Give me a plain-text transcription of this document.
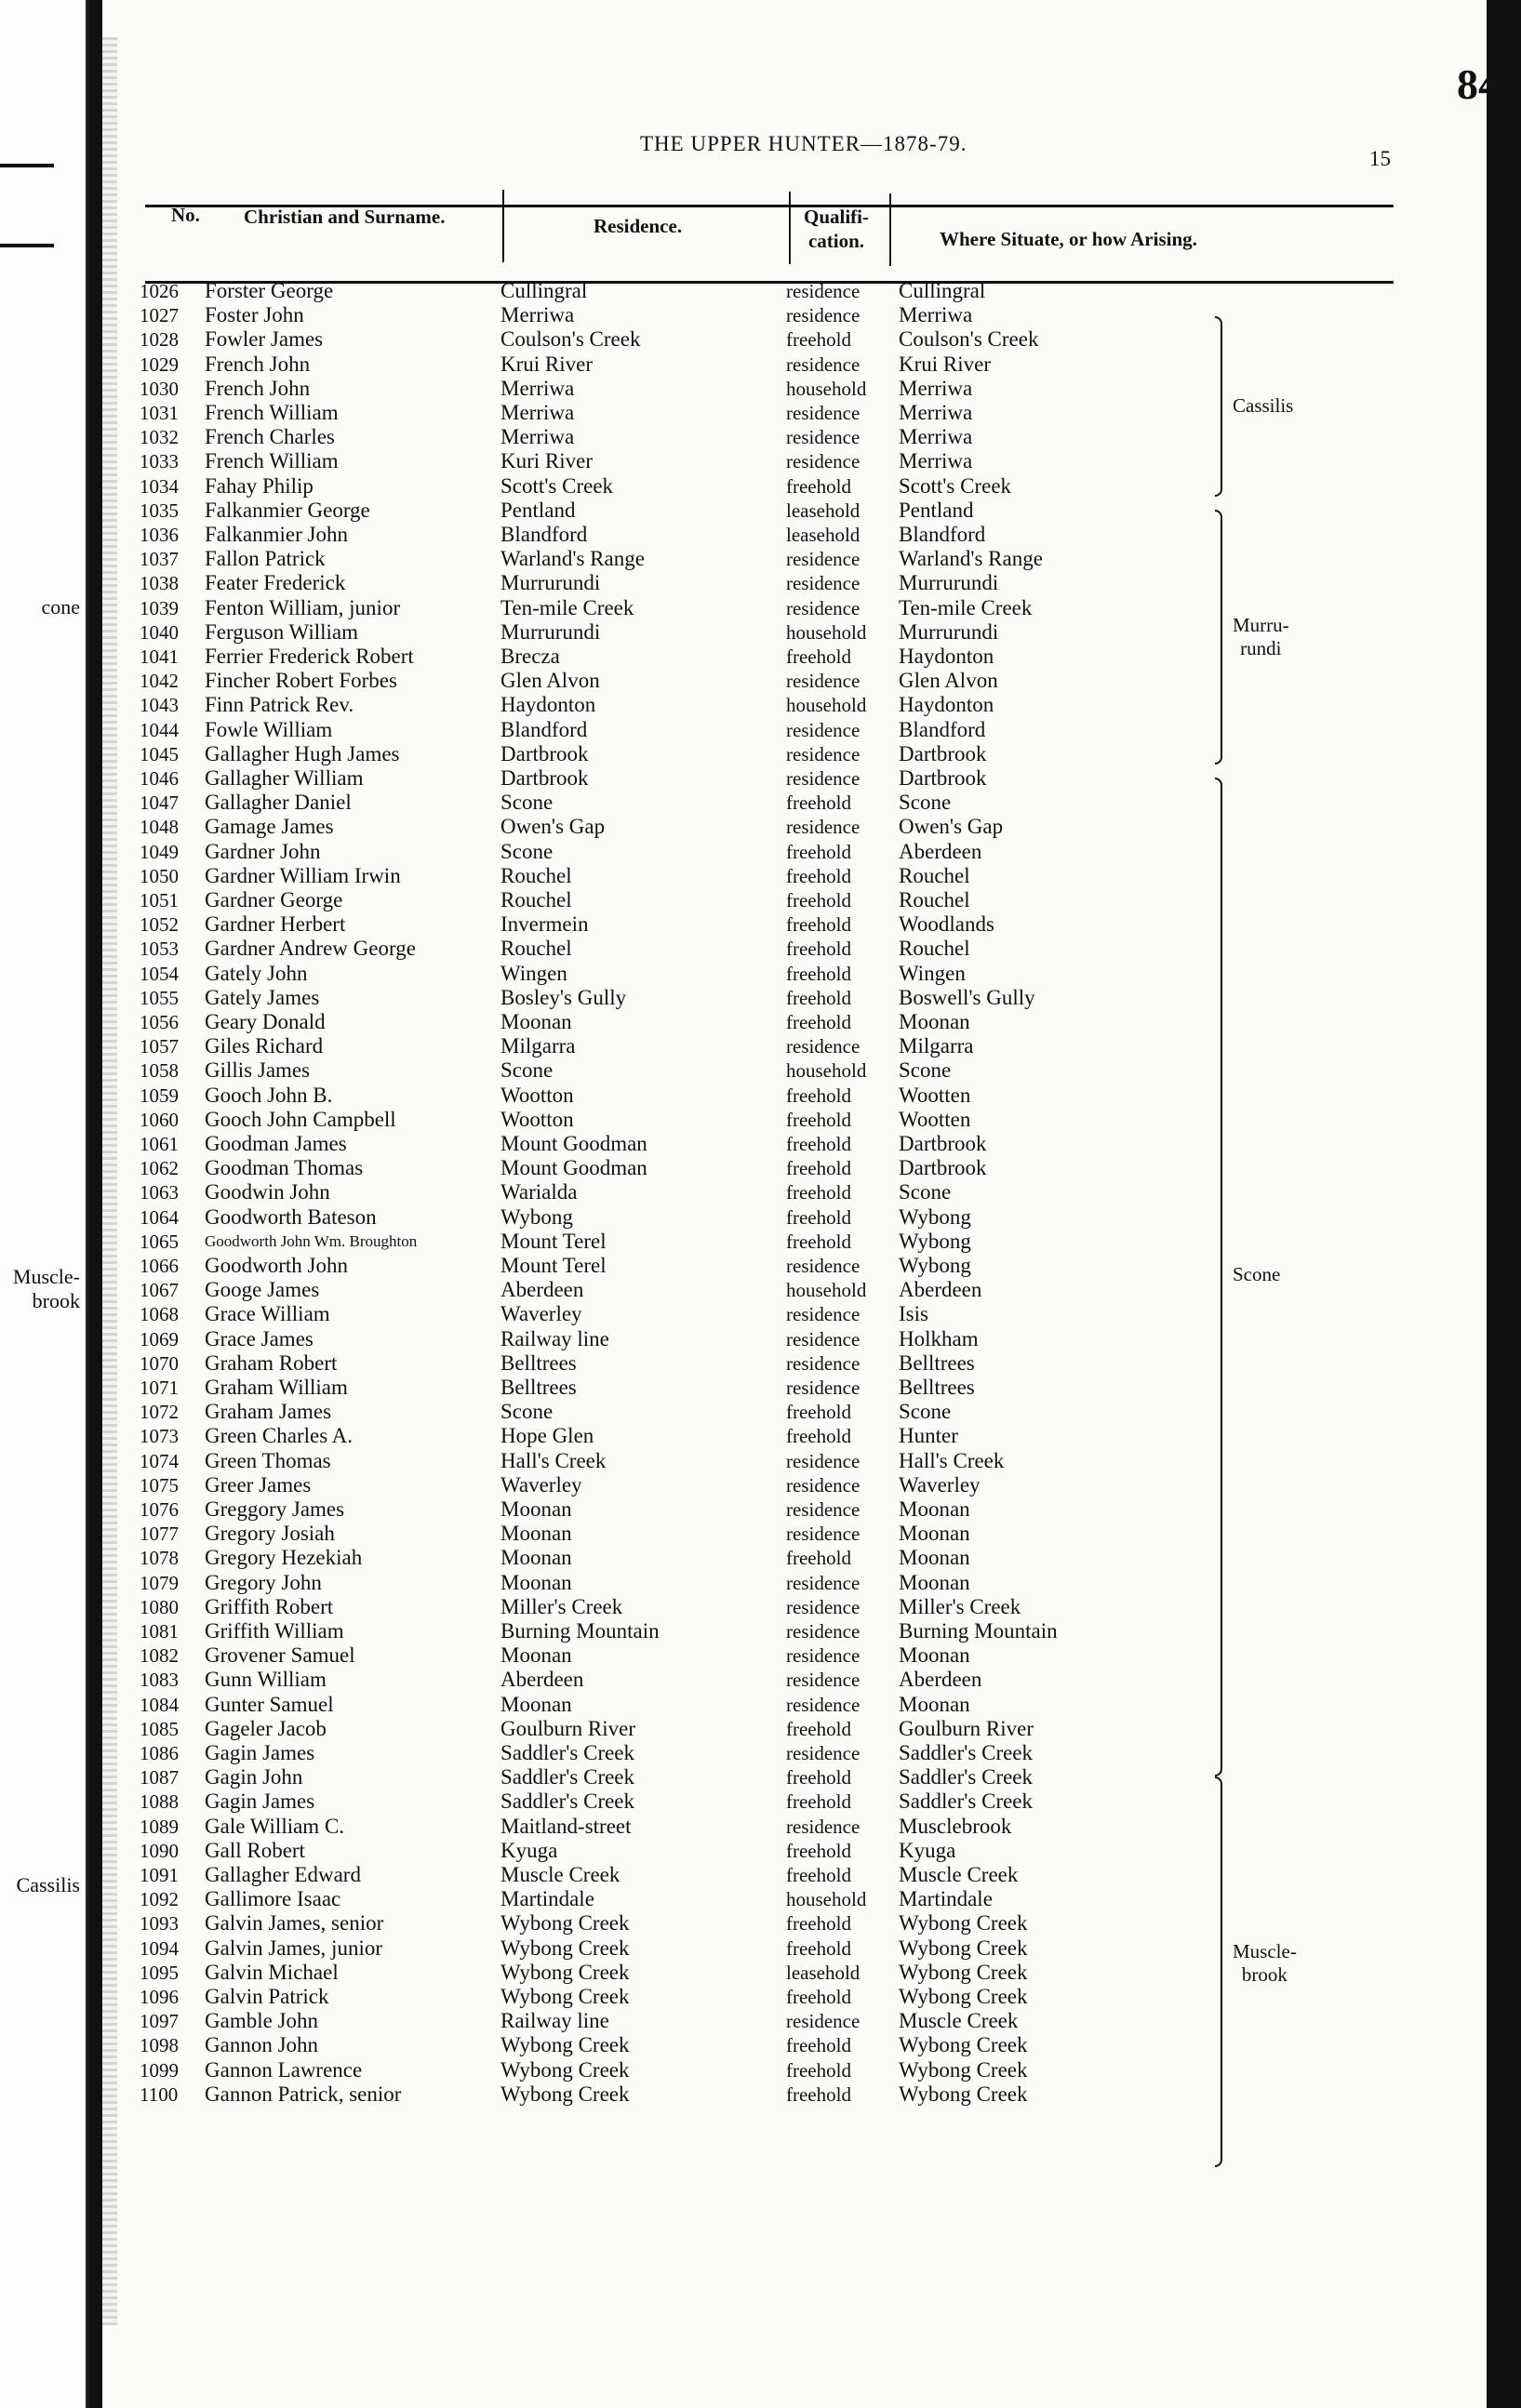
cone
Muscle-
brook
Cassilis
847
THE UPPER HUNTER—1878-79.
15
No. Christian and Surname.	Residence.	Qualifi-
cation.	Where Situate, or how Arising.
1026 Forster George	Cullingral	residence Cullingral
1027 Foster John	Merriwa	residence Merriwa
1028 Fowler James	Coulson's Creek	freehold Coulson's Creek
1029 French John	Krui River	residence Krui River
1030 French John	Merriwa	household Merriwa
1031 French William	Merriwa	residence Merriwa
1032 French Charles	Merriwa	residence Merriwa
1033 French William	Kuri River	residence Merriwa
1034 Fahay Philip	Scott's Creek	freehold Scott's Creek
1035 Falkanmier George	Pentland	leasehold Pentland
1036 Falkanmier John	Blandford	leasehold Blandford
1037 Fallon Patrick	Warland's Range	residence Warland's Range
1038 Feater Frederick	Murrurundi	residence Murrurundi
1039 Fenton William, junior	Ten-mile Creek	residence Ten-mile Creek
1040 Ferguson William	Murrurundi	household Murrurundi
1041 Ferrier Frederick Robert	Brecza	freehold Haydonton
1042 Fincher Robert Forbes	Glen Alvon	residence Glen Alvon
1043 Finn Patrick Rev.	Haydonton	household Haydonton
1044 Fowle William	Blandford	residence Blandford
1045 Gallagher Hugh James	Dartbrook	residence Dartbrook
1046 Gallagher William	Dartbrook	residence Dartbrook
1047 Gallagher Daniel	Scone	freehold Scone
1048 Gamage James	Owen's Gap	residence Owen's Gap
1049 Gardner John	Scone	freehold Aberdeen
1050 Gardner William Irwin	Rouchel	freehold Rouchel
1051 Gardner George	Rouchel	freehold Rouchel
1052 Gardner Herbert	Invermein	freehold Woodlands
1053 Gardner Andrew George	Rouchel	freehold Rouchel
1054 Gately John	Wingen	freehold Wingen
1055 Gately James	Bosley's Gully	freehold Boswell's Gully
1056 Geary Donald	Moonan	freehold Moonan
1057 Giles Richard	Milgarra	residence Milgarra
1058 Gillis James	Scone	household Scone
1059 Gooch John B.	Wootton	freehold Wootten
1060 Gooch John Campbell	Wootton	freehold Wootten
1061 Goodman James	Mount Goodman	freehold Dartbrook
1062 Goodman Thomas	Mount Goodman	freehold Dartbrook
1063 Goodwin John	Warialda	freehold Scone
1064 Goodworth Bateson	Wybong	freehold Wybong
1065 Goodworth John Wm. Broughton	Mount Terel	freehold Wybong
1066 Goodworth John	Mount Terel	residence Wybong
1067 Googe James	Aberdeen	household Aberdeen
1068 Grace William	Waverley	residence Isis
1069 Grace James	Railway line	residence Holkham
1070 Graham Robert	Belltrees	residence Belltrees
1071 Graham William	Belltrees	residence Belltrees
1072 Graham James	Scone	freehold Scone
1073 Green Charles A.	Hope Glen	freehold Hunter
1074 Green Thomas	Hall's Creek	residence Hall's Creek
1075 Greer James	Waverley	residence Waverley
1076 Greggory James	Moonan	residence Moonan
1077 Gregory Josiah	Moonan	residence Moonan
1078 Gregory Hezekiah	Moonan	freehold Moonan
1079 Gregory John	Moonan	residence Moonan
1080 Griffith Robert	Miller's Creek	residence Miller's Creek
1081 Griffith William	Burning Mountain	residence Burning Mountain
1082 Grovener Samuel	Moonan	residence Moonan
1083 Gunn William	Aberdeen	residence Aberdeen
1084 Gunter Samuel	Moonan	residence Moonan
1085 Gageler Jacob	Goulburn River	freehold Goulburn River
1086 Gagin James	Saddler's Creek	residence Saddler's Creek
1087 Gagin John	Saddler's Creek	freehold Saddler's Creek
1088 Gagin James	Saddler's Creek	freehold Saddler's Creek
1089 Gale William C.	Maitland-street	residence Musclebrook
1090 Gall Robert	Kyuga	freehold Kyuga
1091 Gallagher Edward	Muscle Creek	freehold Muscle Creek
1092 Gallimore Isaac	Martindale	household Martindale
1093 Galvin James, senior	Wybong Creek	freehold Wybong Creek
1094 Galvin James, junior	Wybong Creek	freehold Wybong Creek
1095 Galvin Michael	Wybong Creek	leasehold Wybong Creek
1096 Galvin Patrick	Wybong Creek	freehold Wybong Creek
1097 Gamble John	Railway line	residence Muscle Creek
1098 Gannon John	Wybong Creek	freehold Wybong Creek
1099 Gannon Lawrence	Wybong Creek	freehold Wybong Creek
1100 Gannon Patrick, senior	Wybong Creek	freehold Wybong Creek
Cassilis
Murru-
rundi
Scone
Muscle-
brook
